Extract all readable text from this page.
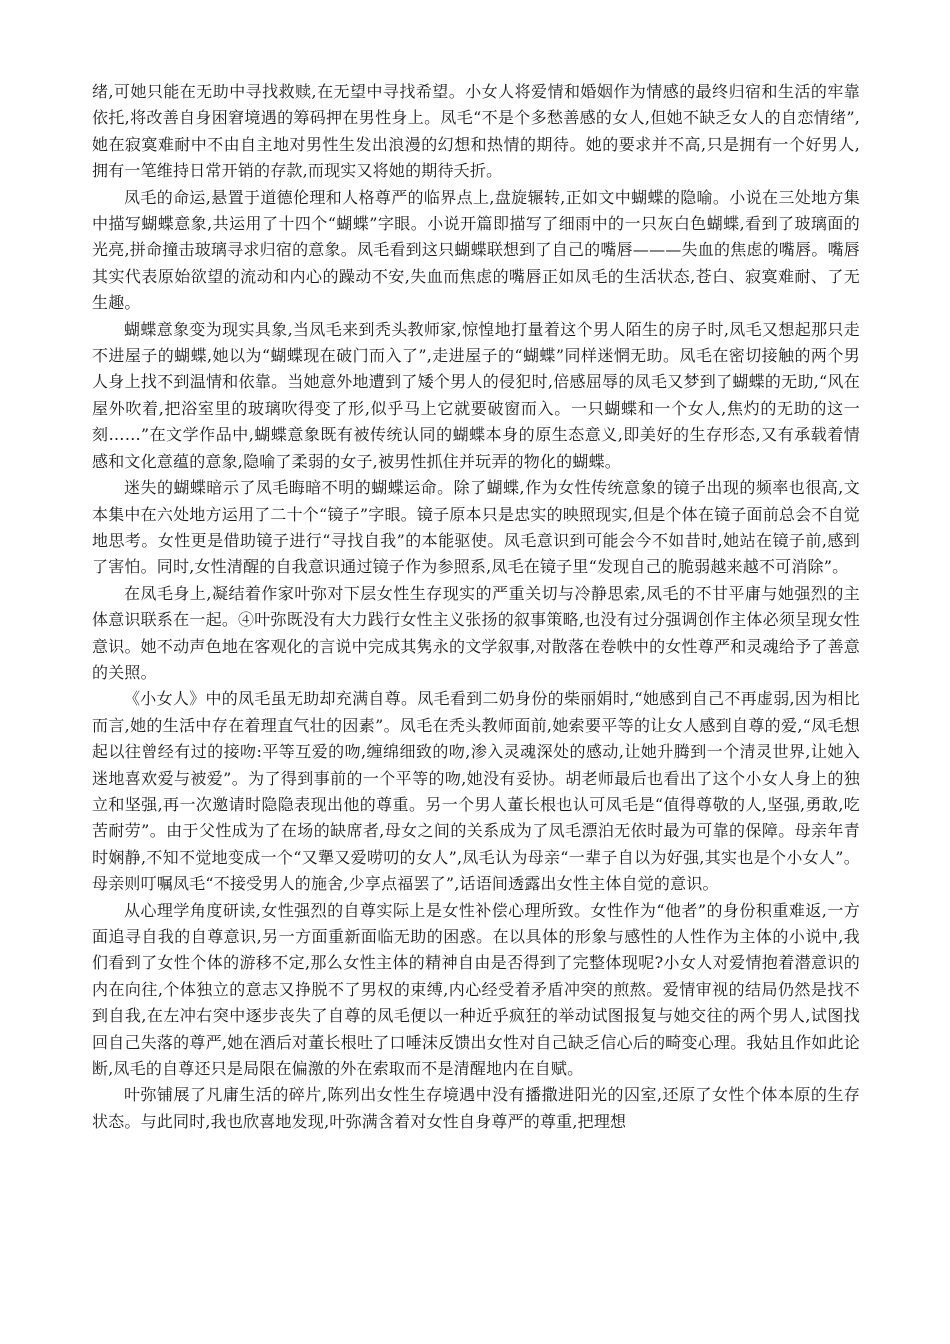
绪,可她只能在无助中寻找救赎,在无望中寻找希望。小女人将爱情和婚姻作为情感的最终归宿和生活的牢靠依托,将改善自身困窘境遇的筹码押在男性身上。凤毛“不是个多愁善感的女人,但她不缺乏女人的自恋情绪”,她在寂寞难耐中不由自主地对男性生发出浪漫的幻想和热情的期待。她的要求并不高,只是拥有一个好男人,拥有一笔维持日常开销的存款,而现实又将她的期待夭折。

凤毛的命运,悬置于道德伦理和人格尊严的临界点上,盘旋辗转,正如文中蝴蝶的隐喻。小说在三处地方集中描写蝴蝶意象,共运用了十四个“蝴蝶”字眼。小说开篇即描写了细雨中的一只灰白色蝴蝶,看到了玻璃面的光亮,拼命撞击玻璃寻求归宿的意象。凤毛看到这只蝴蝶联想到了自己的嘴唇———失血的焦虑的嘴唇。嘴唇其实代表原始欲望的流动和内心的躁动不安,失血而焦虑的嘴唇正如凤毛的生活状态,苍白、寂寞难耐、了无生趣。

蝴蝶意象变为现实具象,当凤毛来到秃头教师家,惊惶地打量着这个男人陌生的房子时,凤毛又想起那只走不进屋子的蝴蝶,她以为“蝴蝶现在破门而入了”,走进屋子的“蝴蝶”同样迷惘无助。凤毛在密切接触的两个男人身上找不到温情和依靠。当她意外地遭到了矮个男人的侵犯时,倍感屈辱的凤毛又梦到了蝴蝶的无助,“风在屋外吹着,把浴室里的玻璃吹得变了形,似乎马上它就要破窗而入。一只蝴蝶和一个女人,焦灼的无助的这一刻……”在文学作品中,蝴蝶意象既有被传统认同的蝴蝶本身的原生态意义,即美好的生存形态,又有承载着情感和文化意蕴的意象,隐喻了柔弱的女子,被男性抓住并玩弄的物化的蝴蝶。

迷失的蝴蝶暗示了凤毛晦暗不明的蝴蝶运命。除了蝴蝶,作为女性传统意象的镜子出现的频率也很高,文本集中在六处地方运用了二十个“镜子”字眼。镜子原本只是忠实的映照现实,但是个体在镜子面前总会不自觉地思考。女性更是借助镜子进行“寻找自我”的本能驱使。凤毛意识到可能会今不如昔时,她站在镜子前,感到了害怕。同时,女性清醒的自我意识通过镜子作为参照系,凤毛在镜子里“发现自己的脆弱越来越不可消除”。

在凤毛身上,凝结着作家叶弥对下层女性生存现实的严重关切与冷静思索,凤毛的不甘平庸与她强烈的主体意识联系在一起。④叶弥既没有大力践行女性主义张扬的叙事策略,也没有过分强调创作主体必须呈现女性意识。她不动声色地在客观化的言说中完成其隽永的文学叙事,对散落在卷帙中的女性尊严和灵魂给予了善意的关照。

《小女人》中的凤毛虽无助却充满自尊。凤毛看到二奶身份的柴丽娟时,“她感到自己不再虚弱,因为相比而言,她的生活中存在着理直气壮的因素”。凤毛在秃头教师面前,她索要平等的让女人感到自尊的爱,“凤毛想起以往曾经有过的接吻:平等互爱的吻,缠绵细致的吻,渗入灵魂深处的感动,让她升腾到一个清灵世界,让她入迷地喜欢爱与被爱”。为了得到事前的一个平等的吻,她没有妥协。胡老师最后也看出了这个小女人身上的独立和坚强,再一次邀请时隐隐表现出他的尊重。另一个男人董长根也认可凤毛是“值得尊敬的人,坚强,勇敢,吃苦耐劳”。由于父性成为了在场的缺席者,母女之间的关系成为了凤毛漂泊无依时最为可靠的保障。母亲年青时娴静,不知不觉地变成一个“又犟又爱唠叨的女人”,凤毛认为母亲“一辈子自以为好强,其实也是个小女人”。母亲则叮嘱凤毛“不接受男人的施舍,少享点福罢了”,话语间透露出女性主体自觉的意识。

从心理学角度研读,女性强烈的自尊实际上是女性补偿心理所致。女性作为“他者”的身份积重难返,一方面追寻自我的自尊意识,另一方面重新面临无助的困惑。在以具体的形象与感性的人性作为主体的小说中,我们看到了女性个体的游移不定,那么女性主体的精神自由是否得到了完整体现呢?小女人对爱情抱着潜意识的内在向往,个体独立的意志又挣脱不了男权的束缚,内心经受着矛盾冲突的煎熬。爱情审视的结局仍然是找不到自我,在左冲右突中逐步丧失了自尊的凤毛便以一种近乎疯狂的举动试图报复与她交往的两个男人,试图找回自己失落的尊严,她在酒后对董长根吐了口唾沫反馈出女性对自己缺乏信心后的畸变心理。我姑且作如此论断,凤毛的自尊还只是局限在偏激的外在索取而不是清醒地内在自赋。

叶弥铺展了凡庸生活的碎片,陈列出女性生存境遇中没有播撒进阳光的囚室,还原了女性个体本原的生存状态。与此同时,我也欣喜地发现,叶弥满含着对女性自身尊严的尊重,把理想
